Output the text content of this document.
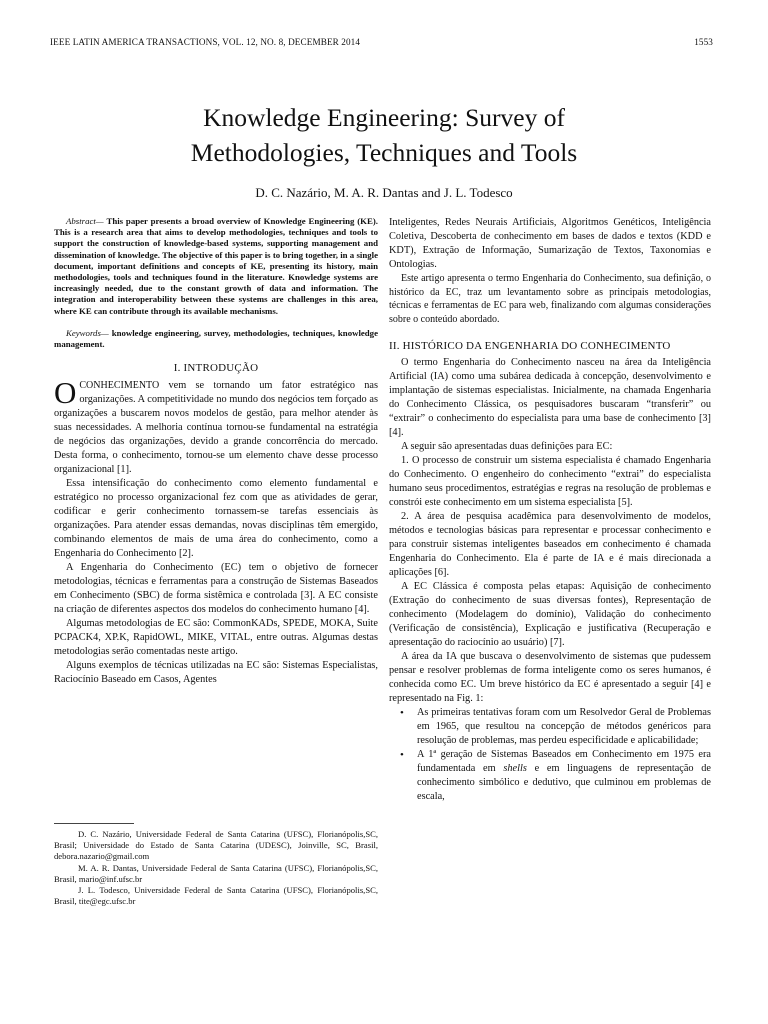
IEEE LATIN AMERICA TRANSACTIONS, VOL. 12, NO. 8, DECEMBER 2014	1553
Knowledge Engineering: Survey of
Methodologies, Techniques and Tools
D. C. Nazário, M. A. R. Dantas and J. L. Todesco

Abstract— This paper presents a broad overview of Knowledge Engineering (KE). This is a research area that aims to develop methodologies, techniques and tools to support the construction of knowledge-based systems, supporting management and dissemination of knowledge. The objective of this paper is to bring together, in a single document, important definitions and concepts of KE, presenting its history, main methodologies, tools and techniques found in the literature. Knowledge systems are increasingly needed, due to the constant growth of data and information. The integration and interoperability between these systems are challenges in this area, where KE can contribute through its available mechanisms.

Keywords— knowledge engineering, survey, methodologies, techniques, knowledge management.

I. INTRODUÇÃO

OCONHECIMENTO vem se tornando um fator estratégico nas organizações. A competitividade no mundo dos negócios tem forçado as organizações a buscarem novos modelos de gestão, para melhor atender às suas necessidades. A melhoria contínua tornou-se fundamental na estratégia de negócios das organizações, devido a grande concorrência do mercado. Desta forma, o conhecimento, tornou-se um elemento chave desse processo organizacional [1].

Essa intensificação do conhecimento como elemento fundamental e estratégico no processo organizacional fez com que as atividades de gerar, codificar e gerir conhecimento tornassem-se tarefas essenciais às organizações. Para atender essas demandas, novas disciplinas têm emergido, combinando elementos de mais de uma área do conhecimento, como a Engenharia do Conhecimento [2].

A Engenharia do Conhecimento (EC) tem o objetivo de fornecer metodologias, técnicas e ferramentas para a construção de Sistemas Baseados em Conhecimento (SBC) de forma sistêmica e controlada [3]. A EC consiste na criação de diferentes aspectos dos modelos do conhecimento humano [4].

Algumas metodologias de EC são: CommonKADs, SPEDE, MOKA, Suite PCPACK4, XP.K, RapidOWL, MIKE, VITAL, entre outras. Algumas destas metodologias serão comentadas neste artigo.

Alguns exemplos de técnicas utilizadas na EC são: Sistemas Especialistas, Raciocínio Baseado em Casos, Agentes

D. C. Nazário, Universidade Federal de Santa Catarina (UFSC), Florianópolis,SC, Brasil; Universidade do Estado de Santa Catarina (UDESC), Joinville, SC, Brasil, debora.nazario@gmail.com

M. A. R. Dantas, Universidade Federal de Santa Catarina (UFSC), Florianópolis,SC, Brasil, mario@inf.ufsc.br

J. L. Todesco, Universidade Federal de Santa Catarina (UFSC), Florianópolis,SC, Brasil, tite@egc.ufsc.br

Inteligentes, Redes Neurais Artificiais, Algoritmos Genéticos, Inteligência Coletiva, Descoberta de conhecimento em bases de dados e textos (KDD e KDT), Extração de Informação, Sumarização de Textos, Taxonomias e Ontologias.

Este artigo apresenta o termo Engenharia do Conhecimento, sua definição, o histórico da EC, traz um levantamento sobre as principais metodologias, técnicas e ferramentas de EC para web, finalizando com algumas considerações sobre o conteúdo abordado.

II. HISTÓRICO DA ENGENHARIA DO CONHECIMENTO

O termo Engenharia do Conhecimento nasceu na área da Inteligência Artificial (IA) como uma subárea dedicada à concepção, desenvolvimento e implantação de sistemas especialistas. Inicialmente, na chamada Engenharia do Conhecimento Clássica, os pesquisadores buscaram “transferir” ou “extrair” o conhecimento do especialista para uma base de conhecimento [3] [4].

A seguir são apresentadas duas definições para EC:

1. O processo de construir um sistema especialista é chamado Engenharia do Conhecimento. O engenheiro do conhecimento “extrai” do especialista humano seus procedimentos, estratégias e regras na resolução de problemas e constrói este conhecimento em um sistema especialista [5].

2. A área de pesquisa acadêmica para desenvolvimento de modelos, métodos e tecnologias básicas para representar e processar conhecimento e para construir sistemas inteligentes baseados em conhecimento é chamada Engenharia do Conhecimento. Ela é parte de IA e é mais direcionada a aplicações [6].

A EC Clássica é composta pelas etapas: Aquisição de conhecimento (Extração do conhecimento de suas diversas fontes), Representação de conhecimento (Modelagem do domínio), Validação do conhecimento (Verificação de consistência), Explicação e justificativa (Recuperação e apresentação do raciocínio ao usuário) [7].

A área da IA que buscava o desenvolvimento de sistemas que pudessem pensar e resolver problemas de forma inteligente como os seres humanos, é conhecida como EC. Um breve histórico da EC é apresentado a seguir [4] e representado na Fig. 1:

• As primeiras tentativas foram com um Resolvedor Geral de Problemas em 1965, que resultou na concepção de métodos genéricos para resolução de problemas, mas perdeu especificidade e aplicabilidade;
• A 1ª geração de Sistemas Baseados em Conhecimento em 1975 era fundamentada em shells e em linguagens de representação de conhecimento simbólico e dedutivo, que culminou em problemas de escala,
